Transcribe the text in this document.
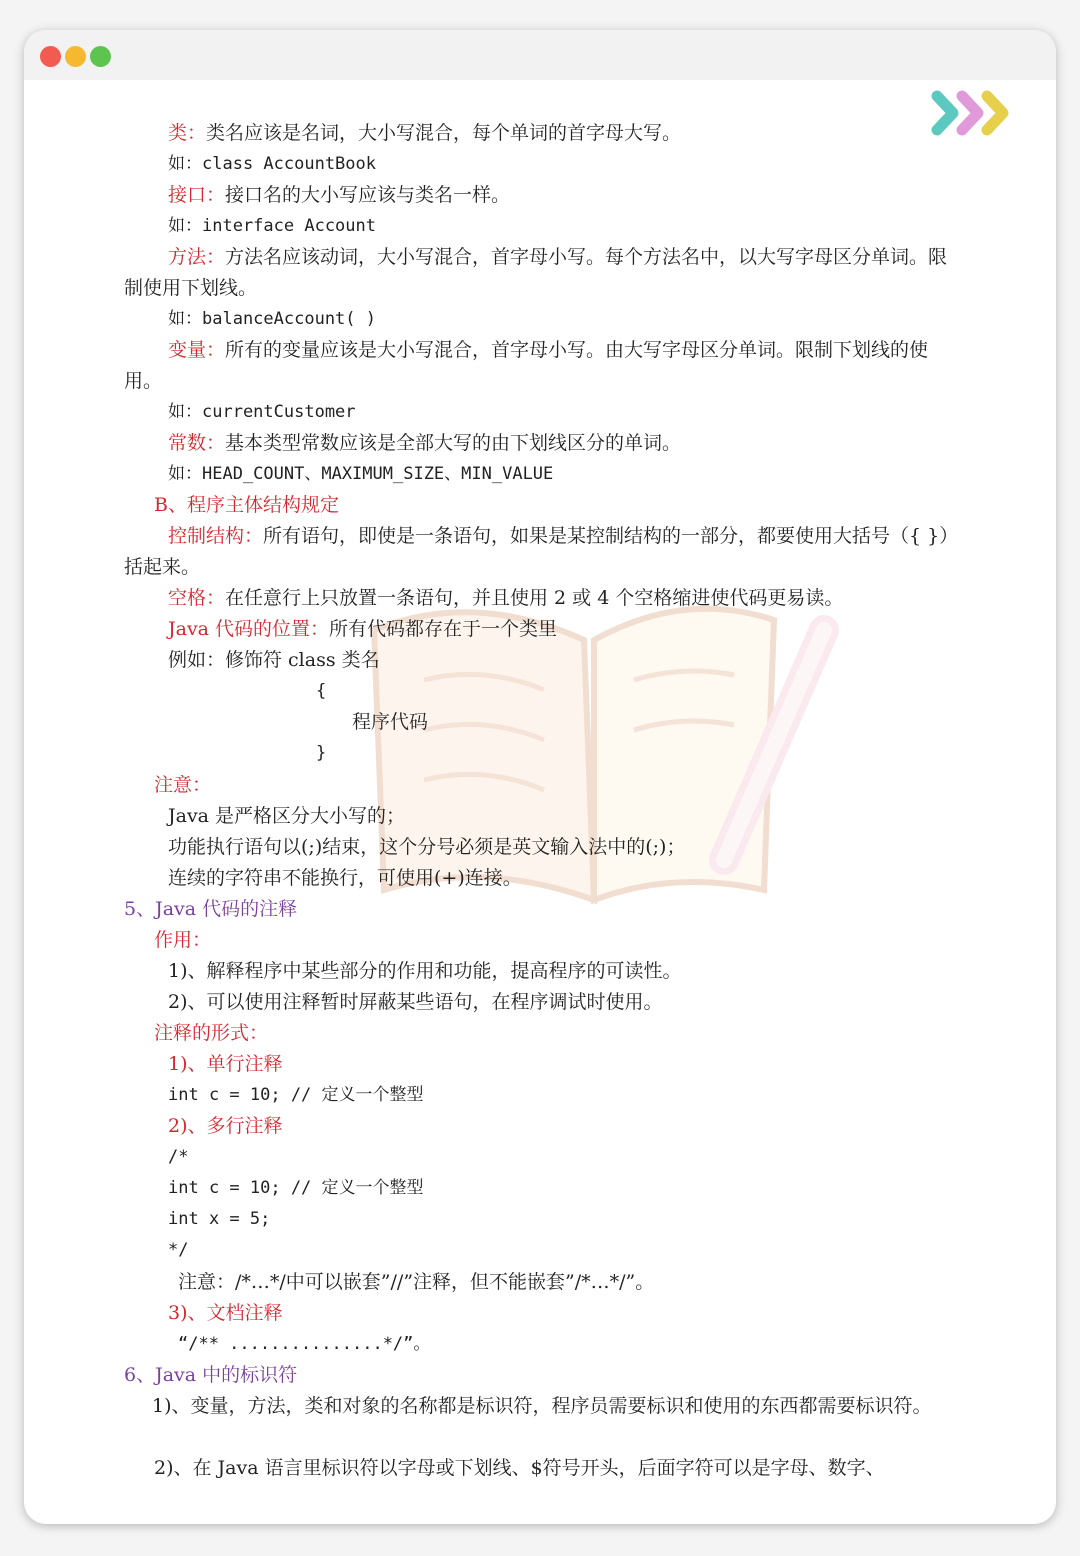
类：类名应该是名词，大小写混合，每个单词的首字母大写。

如：class AccountBook

接口：接口名的大小写应该与类名一样。

如：interface Account

方法：方法名应该动词，大小写混合，首字母小写。每个方法名中，以大写字母区分单词。限制使用下划线。

如：balanceAccount( )

变量：所有的变量应该是大小写混合，首字母小写。由大写字母区分单词。限制下划线的使用。

如：currentCustomer

常数：基本类型常数应该是全部大写的由下划线区分的单词。

如：HEAD_COUNT、MAXIMUM_SIZE、MIN_VALUE

B、程序主体结构规定

控制结构：所有语句，即使是一条语句，如果是某控制结构的一部分，都要使用大括号（{ }）括起来。

空格：在任意行上只放置一条语句，并且使用 2 或 4 个空格缩进使代码更易读。

Java 代码的位置：所有代码都存在于一个类里

例如：修饰符 class 类名

{

程序代码

}

注意：

Java 是严格区分大小写的；

功能执行语句以(;)结束，这个分号必须是英文输入法中的(;)；

连续的字符串不能换行，可使用(+)连接。

5、Java 代码的注释

作用：

1)、解释程序中某些部分的作用和功能，提高程序的可读性。

2)、可以使用注释暂时屏蔽某些语句，在程序调试时使用。

注释的形式：

1)、单行注释

int c = 10; // 定义一个整型

2)、多行注释

/*

int c = 10; // 定义一个整型

int x = 5;

*/

注意：/*…*/中可以嵌套”//”注释，但不能嵌套”/*…*/”。

3)、文档注释

“/** ...............*/”。

6、Java 中的标识符

1)、变量，方法，类和对象的名称都是标识符，程序员需要标识和使用的东西都需要标识符。

2)、在 Java 语言里标识符以字母或下划线、$符号开头，后面字符可以是字母、数字、
